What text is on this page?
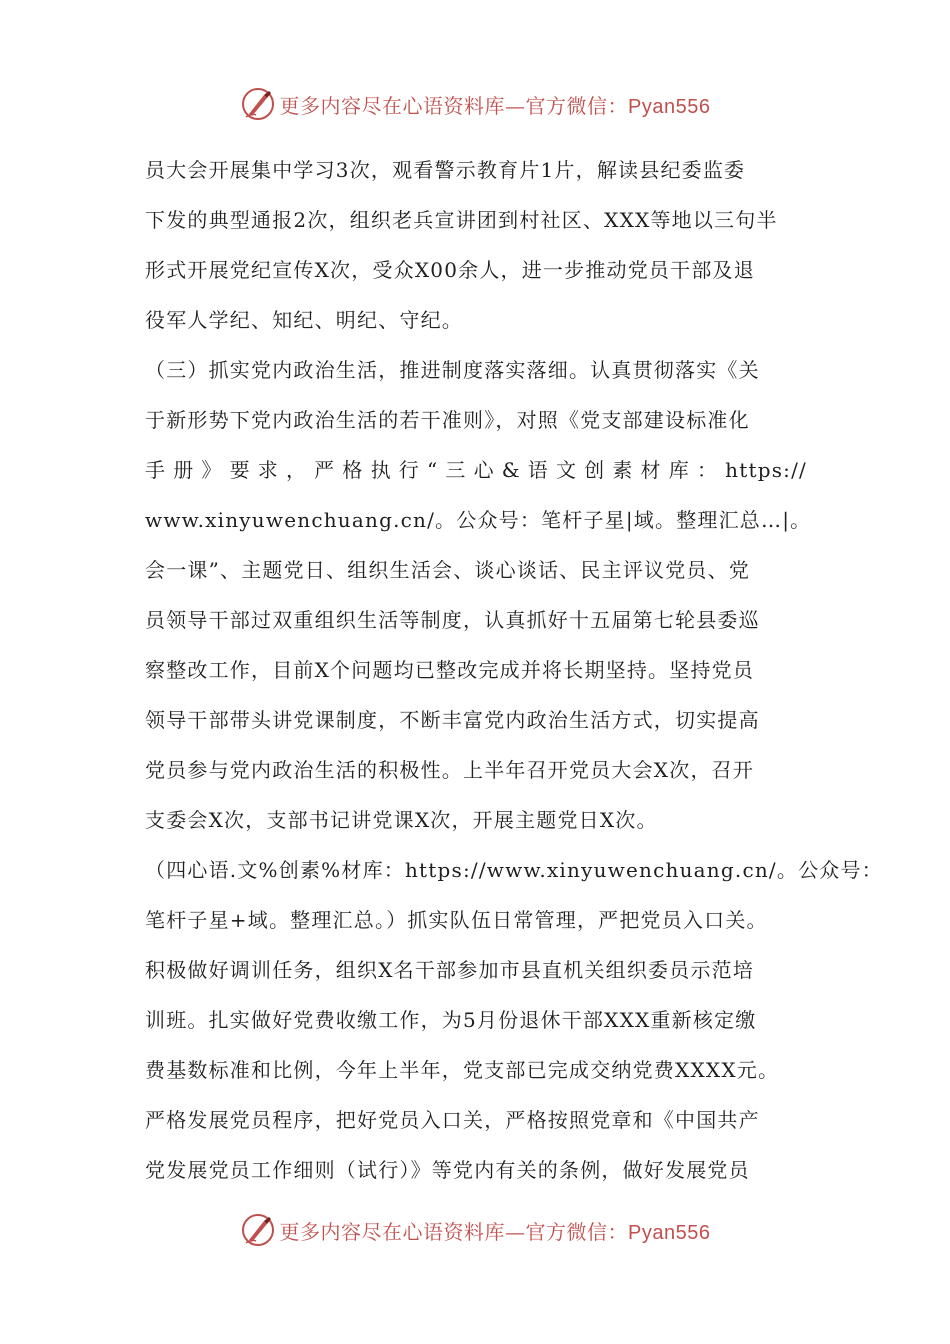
更多内容尽在心语资料库—官方微信：Pyan556
员大会开展集中学习3次，观看警示教育片1片，解读县纪委监委
下发的典型通报2次，组织老兵宣讲团到村社区、XXX等地以三句半
形式开展党纪宣传X次，受众X00余人，进一步推动党员干部及退
役军人学纪、知纪、明纪、守纪。
（三）抓实党内政治生活，推进制度落实落细。认真贯彻落实《关
于新形势下党内政治生活的若干准则》，对照《党支部建设标准化
手册》要求，严格执行“三心&语文创素材库：https://
www.xinyuwenchuang.cn/。公众号：笔杆子星|域。整理汇总…|。
会一课”、主题党日、组织生活会、谈心谈话、民主评议党员、党
员领导干部过双重组织生活等制度，认真抓好十五届第七轮县委巡
察整改工作，目前X个问题均已整改完成并将长期坚持。坚持党员
领导干部带头讲党课制度，不断丰富党内政治生活方式，切实提高
党员参与党内政治生活的积极性。上半年召开党员大会X次，召开
支委会X次，支部书记讲党课X次，开展主题党日X次。
（四心语.文%创素%材库：https://www.xinyuwenchuang.cn/。公众号：
笔杆子星+域。整理汇总。）抓实队伍日常管理，严把党员入口关。
积极做好调训任务，组织X名干部参加市县直机关组织委员示范培
训班。扎实做好党费收缴工作，为5月份退休干部XXX重新核定缴
费基数标准和比例，今年上半年，党支部已完成交纳党费XXXX元。
严格发展党员程序，把好党员入口关，严格按照党章和《中国共产
党发展党员工作细则（试行）》等党内有关的条例，做好发展党员
更多内容尽在心语资料库—官方微信：Pyan556
